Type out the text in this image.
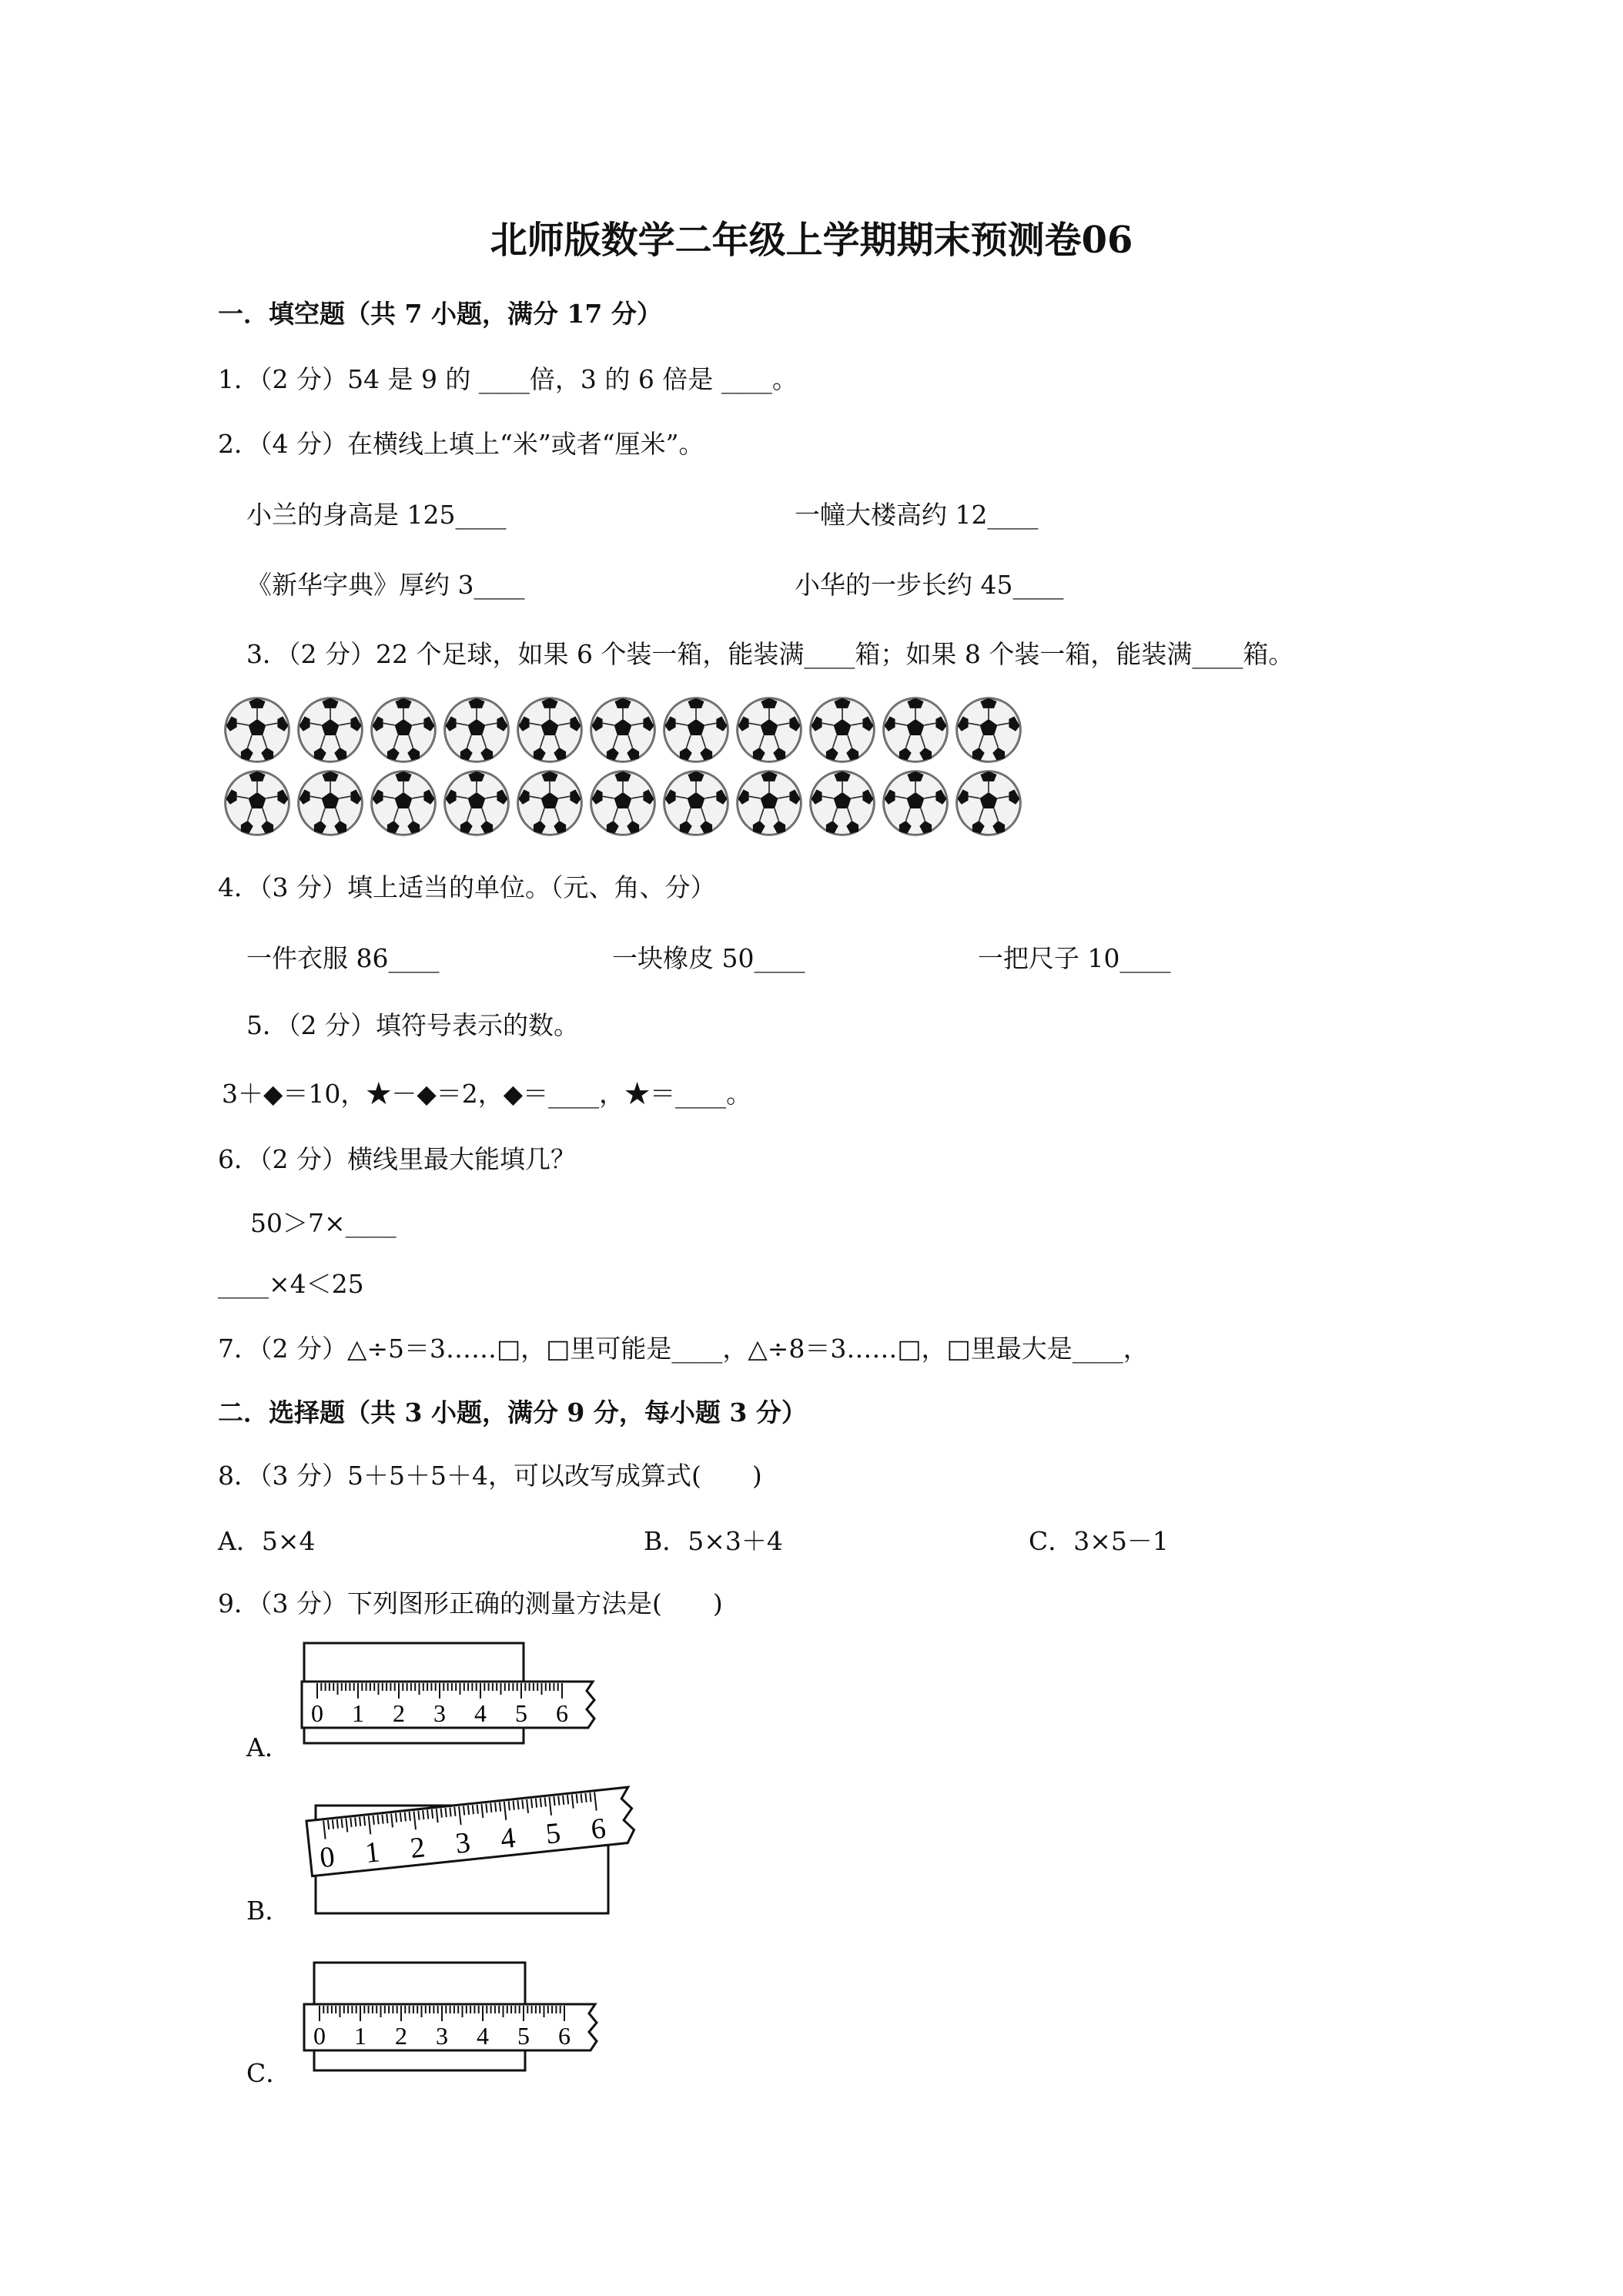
北师版数学二年级上学期期末预测卷06
一．填空题（共 7 小题，满分 17 分）
1．（2 分）54 是 9 的 ____倍，3 的 6 倍是 ____。
2．（4 分）在横线上填上“米”或者“厘米”。
小兰的身高是 125____	一幢大楼高约 12____
《新华字典》厚约 3____	小华的一步长约 45____
3．（2 分）22 个足球，如果 6 个装一箱，能装满____箱；如果 8 个装一箱，能装满____箱。
4．（3 分）填上适当的单位。（元、角、分）
一件衣服 86____	一块橡皮 50____	一把尺子 10____
5．（2 分）填符号表示的数。
3＋◆＝10，★－◆＝2，◆＝____，★＝____。
6．（2 分）横线里最大能填几？
50＞7×____
____×4＜25
7．（2 分）△÷5＝3……□，□里可能是____，△÷8＝3……□，□里最大是____，
二．选择题（共 3 小题，满分 9 分，每小题 3 分）
8．（3 分）5＋5＋5＋4，可以改写成算式(　　)
A．5×4	B．5×3＋4	C．3×5－1
9．（3 分）下列图形正确的测量方法是(　　)
A．
0 1 2 3 4 5 6
B．
0 1 2 3 4 5 6
C．
0 1 2 3 4 5 6
